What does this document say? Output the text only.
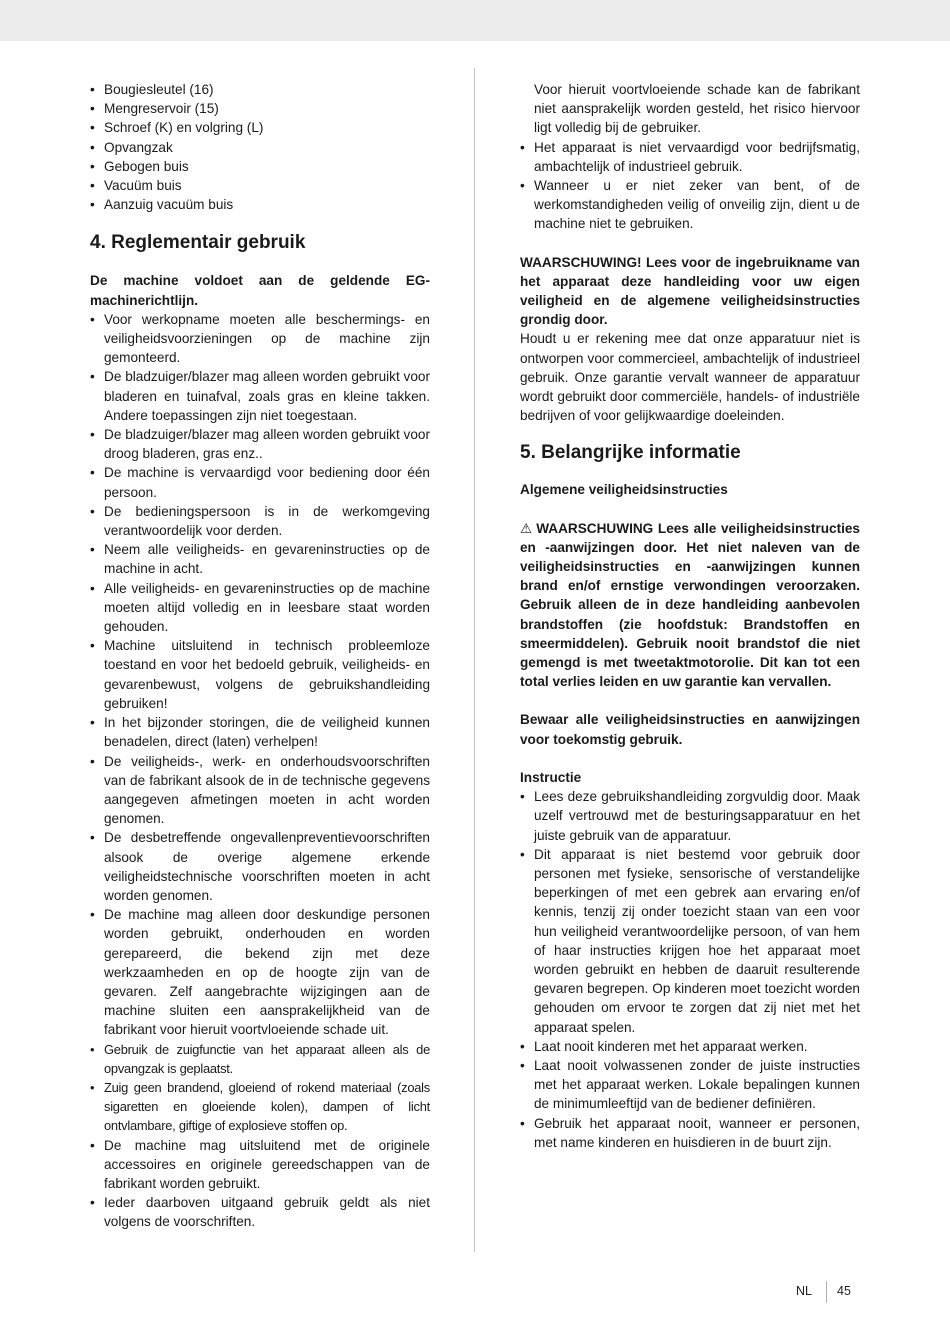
• Bougiesleutel (16)
• Mengreservoir (15)
• Schroef (K) en volgring (L)
• Opvangzak
• Gebogen buis
• Vacuüm buis
• Aanzuig vacuüm buis
4. Reglementair gebruik

De machine voldoet aan de geldende EG-machinerichtlijn.

• Voor werkopname moeten alle beschermings- en veiligheidsvoorzieningen op de machine zijn gemonteerd.
• De bladzuiger/blazer mag alleen worden gebruikt voor bladeren en tuinafval, zoals gras en kleine takken. Andere toepassingen zijn niet toegestaan.
• De bladzuiger/blazer mag alleen worden gebruikt voor droog bladeren, gras enz..
• De machine is vervaardigd voor bediening door één persoon.
• De bedieningspersoon is in de werkomgeving verantwoordelijk voor derden.
• Neem alle veiligheids- en gevareninstructies op de machine in acht.
• Alle veiligheids- en gevareninstructies op de machine moeten altijd volledig en in leesbare staat worden gehouden.
• Machine uitsluitend in technisch probleemloze toestand en voor het bedoeld gebruik, veiligheids- en gevarenbewust, volgens de gebruikshandleiding gebruiken!
• In het bijzonder storingen, die de veiligheid kunnen benadelen, direct (laten) verhelpen!
• De veiligheids-, werk- en onderhoudsvoorschriften van de fabrikant alsook de in de technische gegevens aangegeven afmetingen moeten in acht worden genomen.
• De desbetreffende ongevallenpreventievoorschriften alsook de overige algemene erkende veiligheidstechnische voorschriften moeten in acht worden genomen.
• De machine mag alleen door deskundige personen worden gebruikt, onderhouden en worden gerepareerd, die bekend zijn met deze werkzaamheden en op de hoogte zijn van de gevaren. Zelf aangebrachte wijzigingen aan de machine sluiten een aansprakelijkheid van de fabrikant voor hieruit voortvloeiende schade uit.
• Gebruik de zuigfunctie van het apparaat alleen als de opvangzak is geplaatst.
• Zuig geen brandend, gloeiend of rokend materiaal (zoals sigaretten en gloeiende kolen), dampen of licht ontvlambare, giftige of explosieve stoffen op.
• De machine mag uitsluitend met de originele accessoires en originele gereedschappen van de fabrikant worden gebruikt.
• Ieder daarboven uitgaand gebruik geldt als niet volgens de voorschriften.

Voor hieruit voortvloeiende schade kan de fabrikant niet aansprakelijk worden gesteld, het risico hiervoor ligt volledig bij de gebruiker.

• Het apparaat is niet vervaardigd voor bedrijfsmatig, ambachtelijk of industrieel gebruik.
• Wanneer u er niet zeker van bent, of de werkomstandigheden veilig of onveilig zijn, dient u de machine niet te gebruiken.

WAARSCHUWING! Lees voor de ingebruikname van het apparaat deze handleiding voor uw eigen veiligheid en de algemene veiligheidsinstructies grondig door.

Houdt u er rekening mee dat onze apparatuur niet is ontworpen voor commercieel, ambachtelijk of industrieel gebruik. Onze garantie vervalt wanneer de apparatuur wordt gebruikt door commerciële, handels- of industriële bedrijven of voor gelijkwaardige doeleinden.

5. Belangrijke informatie

Algemene veiligheidsinstructies

⚠ WAARSCHUWING Lees alle veiligheidsinstructies en -aanwijzingen door. Het niet naleven van de veiligheidsinstructies en -aanwijzingen kunnen brand en/of ernstige verwondingen veroorzaken. Gebruik alleen de in deze handleiding aanbevolen brandstoffen (zie hoofdstuk: Brandstoffen en smeermiddelen). Gebruik nooit brandstof die niet gemengd is met tweetaktmotorolie. Dit kan tot een total verlies leiden en uw garantie kan vervallen.

Bewaar alle veiligheidsinstructies en aanwijzingen voor toekomstig gebruik.

Instructie

• Lees deze gebruikshandleiding zorgvuldig door. Maak uzelf vertrouwd met de besturingsapparatuur en het juiste gebruik van de apparatuur.
• Dit apparaat is niet bestemd voor gebruik door personen met fysieke, sensorische of verstandelijke beperkingen of met een gebrek aan ervaring en/of kennis, tenzij zij onder toezicht staan van een voor hun veiligheid verantwoordelijke persoon, of van hem of haar instructies krijgen hoe het apparaat moet worden gebruikt en hebben de daaruit resulterende gevaren begrepen. Op kinderen moet toezicht worden gehouden om ervoor te zorgen dat zij niet met het apparaat spelen.
• Laat nooit kinderen met het apparaat werken.
• Laat nooit volwassenen zonder de juiste instructies met het apparaat werken. Lokale bepalingen kunnen de minimumleeftijd van de bediener definiëren.
• Gebruik het apparaat nooit, wanneer er personen, met name kinderen en huisdieren in de buurt zijn.
NL 45
